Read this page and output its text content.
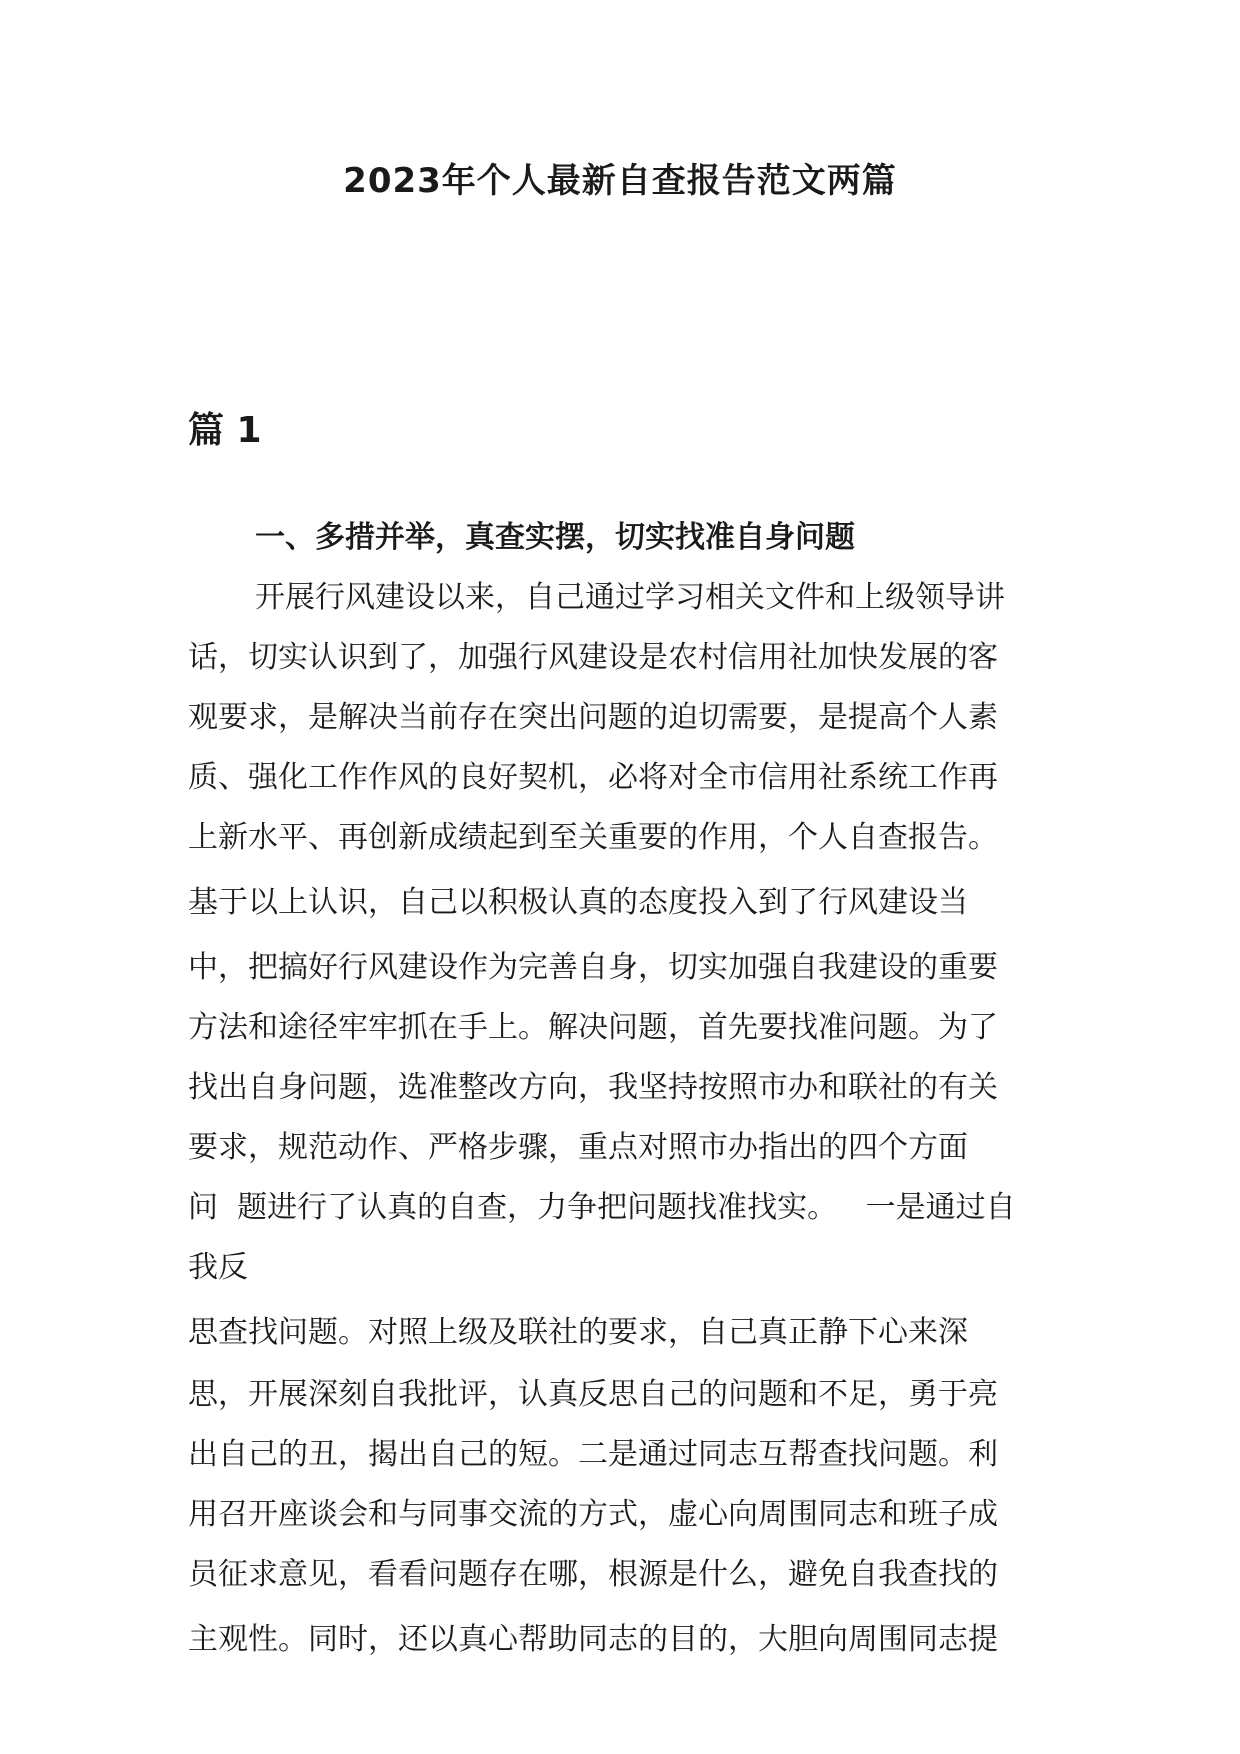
2023年个人最新自查报告范文两篇
篇 1
一、多措并举，真查实摆，切实找准自身问题
开展行风建设以来，自己通过学习相关文件和上级领导讲
话，切实认识到了，加强行风建设是农村信用社加快发展的客
观要求，是解决当前存在突出问题的迫切需要，是提高个人素
质、强化工作作风的良好契机，必将对全市信用社系统工作再
上新水平、再创新成绩起到至关重要的作用，个人自查报告。
基于以上认识，自己以积极认真的态度投入到了行风建设当
中，把搞好行风建设作为完善自身，切实加强自我建设的重要
方法和途径牢牢抓在手上。解决问题，首先要找准问题。为了
找出自身问题，选准整改方向，我坚持按照市办和联社的有关
要求，规范动作、严格步骤，重点对照市办指出的四个方面
问  题进行了认真的自查，力争把问题找准找实。   一是通过自
我反
思查找问题。对照上级及联社的要求，自己真正静下心来深
思，开展深刻自我批评，认真反思自己的问题和不足，勇于亮
出自己的丑，揭出自己的短。二是通过同志互帮查找问题。利
用召开座谈会和与同事交流的方式，虚心向周围同志和班子成
员征求意见，看看问题存在哪，根源是什么，避免自我查找的
主观性。同时，还以真心帮助同志的目的，大胆向周围同志提
